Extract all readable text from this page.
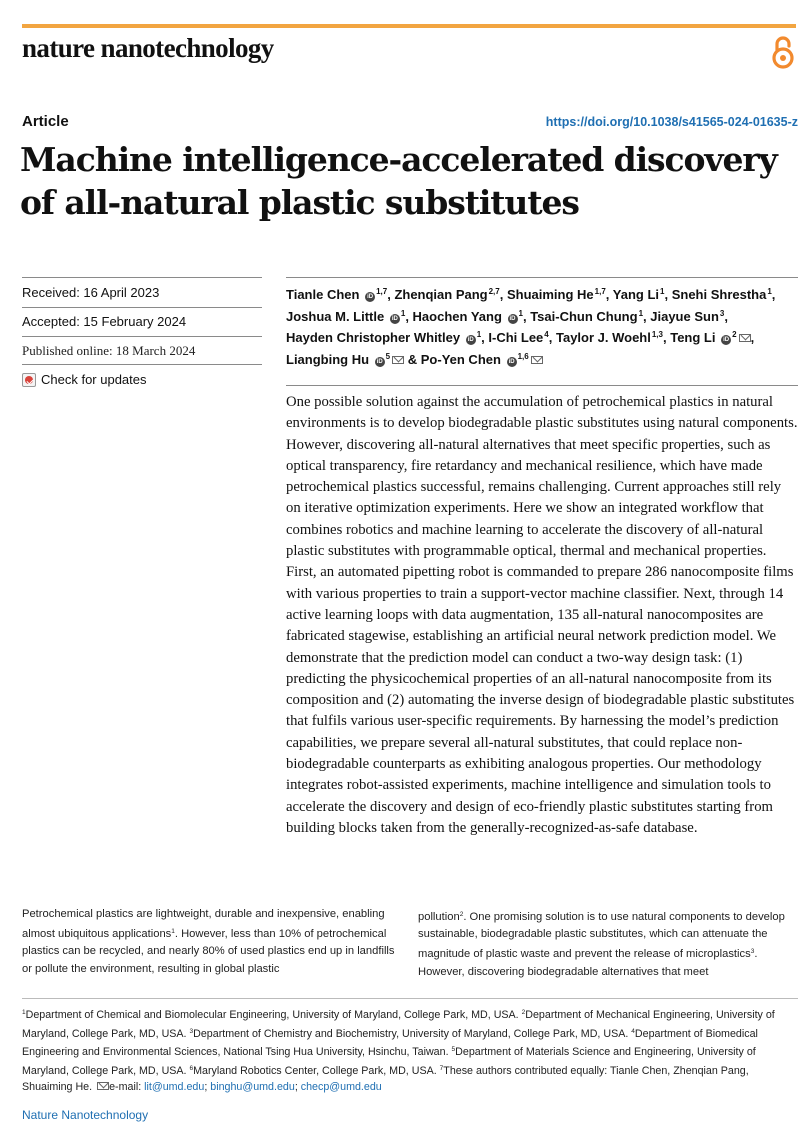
nature nanotechnology
Article	https://doi.org/10.1038/s41565-024-01635-z
Machine intelligence-accelerated discovery of all-natural plastic substitutes
Received: 16 April 2023
Accepted: 15 February 2024
Published online: 18 March 2024
Check for updates
Tianle Chen iD$^{1,7}$, Zhenqian Pang$^{2,7}$, Shuaiming He$^{1,7}$, Yang Li$^1$, Snehi Shrestha$^1$, Joshua M. Little $iD^1$, Haochen Yang $iD^1$, Tsai-Chun Chung$^1$, Jiayue Sun$^3$, Hayden Christopher Whitley $iD^1$, I-Chi Lee$^4$, Taylor J. Woehl$^{1,3}$, Teng Li $iD^2$ , Liangbing Hu $iD^5$ & Po-Yen Chen iD$^{1,6}$

One possible solution against the accumulation of petrochemical plastics in natural environments is to develop biodegradable plastic substitutes using natural components. However, discovering all-natural alternatives that meet specific properties, such as optical transparency, fire retardancy and mechanical resilience, which have made petrochemical plastics successful, remains challenging. Current approaches still rely on iterative optimization experiments. Here we show an integrated workflow that combines robotics and machine learning to accelerate the discovery of all-natural plastic substitutes with programmable optical, thermal and mechanical properties. First, an automated pipetting robot is commanded to prepare 286 nanocomposite films with various properties to train a support-vector machine classifier. Next, through 14 active learning loops with data augmentation, 135 all-natural nanocomposites are fabricated stagewise, establishing an artificial neural network prediction model. We demonstrate that the prediction model can conduct a two-way design task: (1) predicting the physicochemical properties of an all-natural nanocomposite from its composition and (2) automating the inverse design of biodegradable plastic substitutes that fulfils various user-specific requirements. By harnessing the model’s prediction capabilities, we prepare several all-natural substitutes, that could replace non-biodegradable counterparts as exhibiting analogous properties. Our methodology integrates robot-assisted experiments, machine intelligence and simulation tools to accelerate the discovery and design of eco-friendly plastic substitutes starting from building blocks taken from the generally-recognized-as-safe database.

Petrochemical plastics are lightweight, durable and inexpensive, enabling almost ubiquitous applications$^1$. However, less than 10% of petrochemical plastics can be recycled, and nearly 80% of used plastics end up in landfills or pollute the environment, resulting in global plastic
pollution$^2$. One promising solution is to use natural components to develop sustainable, biodegradable plastic substitutes, which can attenuate the magnitude of plastic waste and prevent the release of microplastics$^3$. However, discovering biodegradable alternatives that meet
$^1$Department of Chemical and Biomolecular Engineering, University of Maryland, College Park, MD, USA. $^2$Department of Mechanical Engineering, University of Maryland, College Park, MD, USA. $^3$Department of Chemistry and Biochemistry, University of Maryland, College Park, MD, USA. $^4$Department of Biomedical Engineering and Environmental Sciences, National Tsing Hua University, Hsinchu, Taiwan. $^5$Department of Materials Science and Engineering, University of Maryland, College Park, MD, USA. $^6$Maryland Robotics Center, College Park, MD, USA. $^7$These authors contributed equally: Tianle Chen, Zhenqian Pang, Shuaiming He. e-mail: lit@umd.edu; binghu@umd.edu; checp@umd.edu
Nature Nanotechnology
